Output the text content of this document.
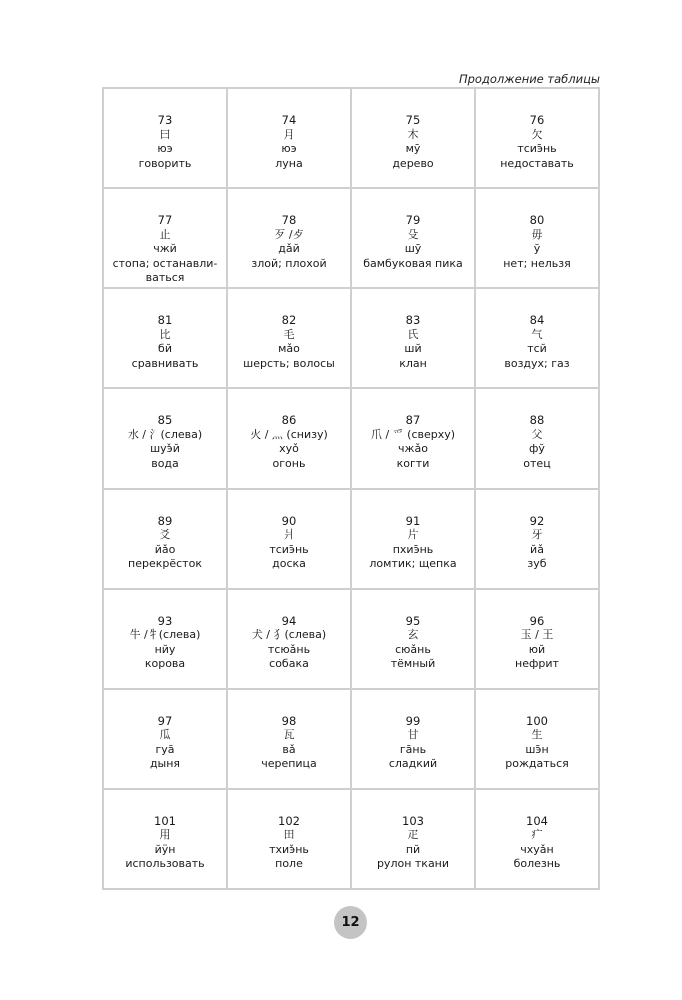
Продолжение таблицы
73
曰
юэ
говорить
74
月
юэ
луна
75
木
мӯ
дерево
76
欠
тсиэ̄нь
недоставать
77
止
чжй
стопа; останавли-ваться
78
歹 /歺
дǎй
злой; плохой
79
殳
шӯ
бамбуковая пика
80
毋
ў
нет; нельзя
81
比
бй
сравнивать
82
毛
мǎо
шерсть; волосы
83
氏
шй
клан
84
气
тсй
воздух; газ
85
水 / 氵(слева)
шуэ̌й
вода
86
火 / 灬 (снизу)
хуǒ
огонь
87
爪 / 爫 (сверху)
чжǎо
когти
88
父
фў
отец
89
爻
йǎо
перекрёсток
90
爿
тсиэ̄нь
доска
91
片
пхиэ̄нь
ломтик; щепка
92
牙
йǎ
зуб
93
牛 /牜(слева)
нйу
корова
94
犬 / 犭(слева)
тсюǎнь
собака
95
玄
сюǎнь
тёмный
96
玉 / 王
юй
нефрит
97
瓜
гуā
дыня
98
瓦
вǎ
черепица
99
甘
гāнь
сладкий
100
生
шэ̄н
рождаться
101
用
йӱн
использовать
102
田
тхиэ̌нь
поле
103
疋
пй
рулон ткани
104
疒
чхуǎн
болезнь
12
